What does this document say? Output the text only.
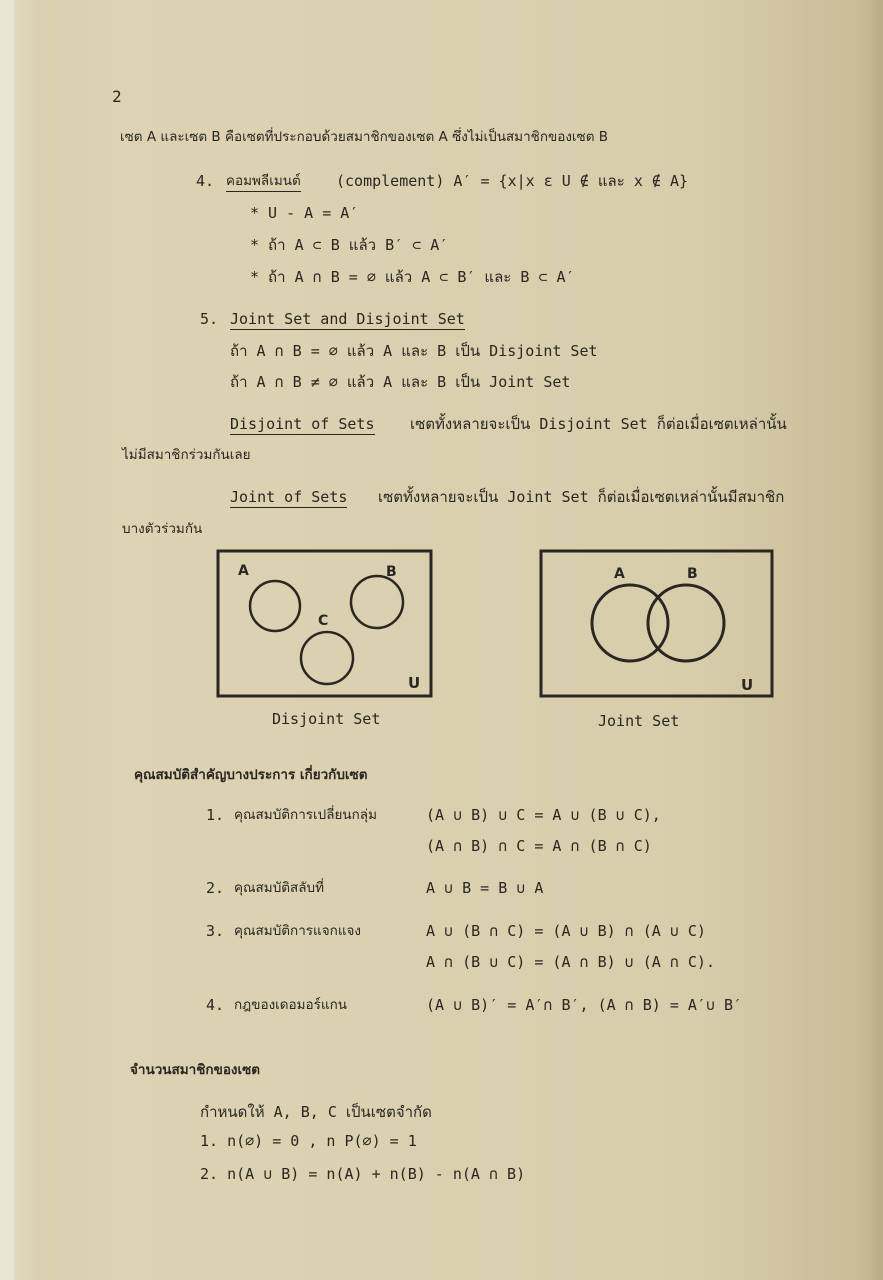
2
เซต A และเซต B คือเซตที่ประกอบด้วยสมาชิกของเซต A ซึ่งไม่เป็นสมาชิกของเซต B
4. คอมพลีเมนต์ (complement) A′ = {x|x ε U ∉ และ x ∉ A}
* U - A = A′
* ถ้า A ⊂ B แล้ว B′ ⊂ A′
* ถ้า A ∩ B = ∅ แล้ว A ⊂ B′ และ B ⊂ A′
5. Joint Set and Disjoint Set
ถ้า A ∩ B = ∅ แล้ว A และ B เป็น Disjoint Set
ถ้า A ∩ B ≠ ∅ แล้ว A และ B เป็น Joint Set
Disjoint of Sets เซตทั้งหลายจะเป็น Disjoint Set ก็ต่อเมื่อเซตเหล่านั้น
ไม่มีสมาชิกร่วมกันเลย
Joint of Sets เซตทั้งหลายจะเป็น Joint Set ก็ต่อเมื่อเซตเหล่านั้นมีสมาชิก
บางตัวร่วมกัน
A	B
C
U
Disjoint Set
A	B
U
Joint Set
คุณสมบัติสำคัญบางประการ เกี่ยวกับเซต
1. คุณสมบัติการเปลี่ยนกลุ่ม	(A ∪ B) ∪ C = A ∪ (B ∪ C),
(A ∩ B) ∩ C = A ∩ (B ∩ C)
2. คุณสมบัติสลับที่	A ∪ B = B ∪ A
3. คุณสมบัติการแจกแจง	A ∪ (B ∩ C) = (A ∪ B) ∩ (A ∪ C)
A ∩ (B ∪ C) = (A ∩ B) ∪ (A ∩ C).
4. กฎของเดอมอร์แกน	(A ∪ B)′ = A′∩ B′, (A ∩ B) = A′∪ B′
จำนวนสมาชิกของเซต
กำหนดให้ A, B, C เป็นเซตจำกัด
1. n(∅) = 0 , n P(∅) = 1
2. n(A ∪ B) = n(A) + n(B) - n(A ∩ B)
